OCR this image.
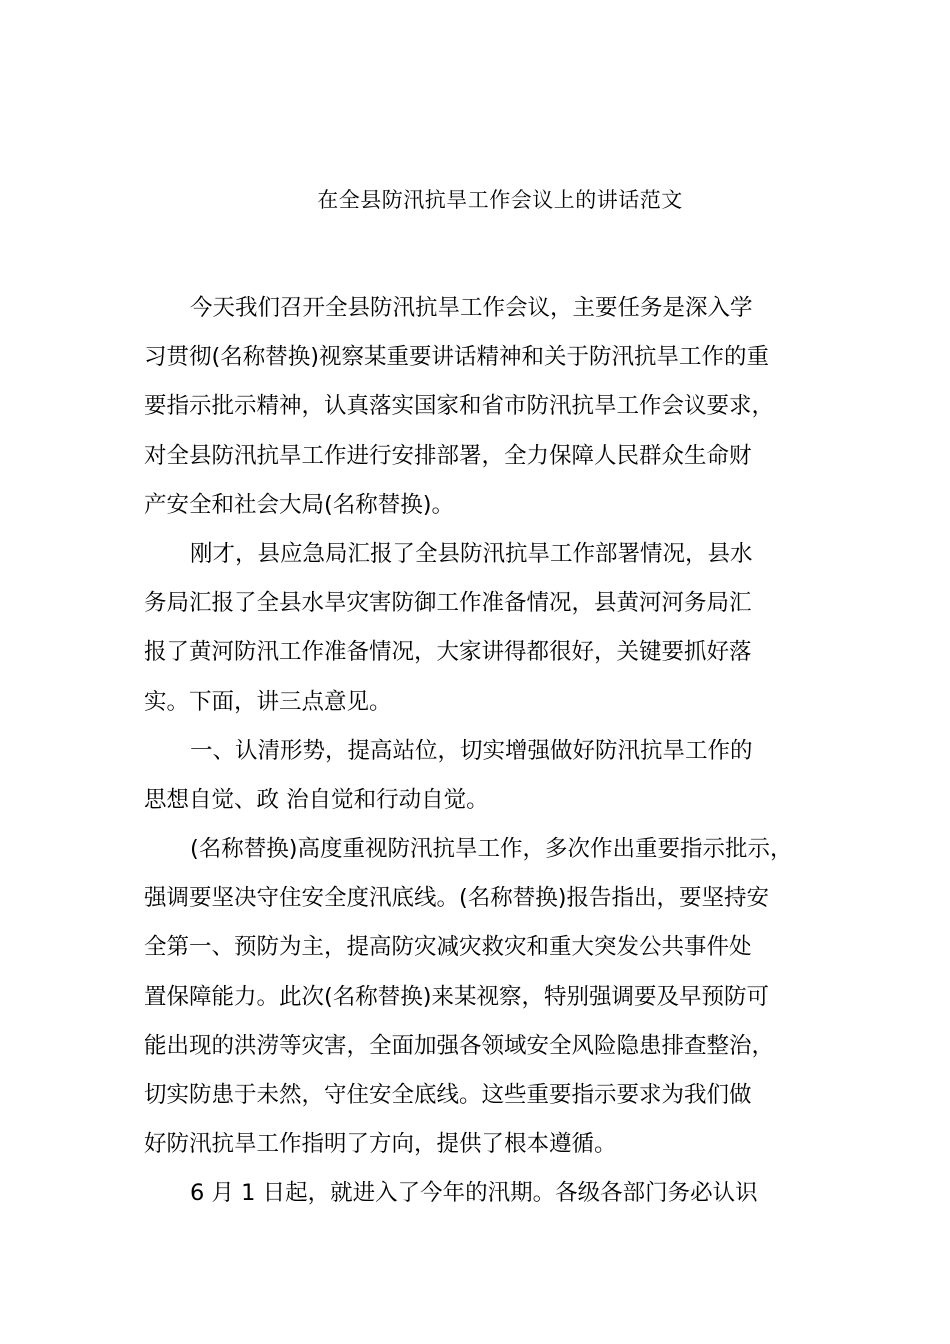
在全县防汛抗旱工作会议上的讲话范文
今天我们召开全县防汛抗旱工作会议，主要任务是深入学
习贯彻(名称替换)视察某重要讲话精神和关于防汛抗旱工作的重
要指示批示精神，认真落实国家和省市防汛抗旱工作会议要求，
对全县防汛抗旱工作进行安排部署，全力保障人民群众生命财
产安全和社会大局(名称替换)。
刚才，县应急局汇报了全县防汛抗旱工作部署情况，县水
务局汇报了全县水旱灾害防御工作准备情况，县黄河河务局汇
报了黄河防汛工作准备情况，大家讲得都很好，关键要抓好落
实。下面，讲三点意见。
一、认清形势，提高站位，切实增强做好防汛抗旱工作的
思想自觉、政 治自觉和行动自觉。
(名称替换)高度重视防汛抗旱工作，多次作出重要指示批示，
强调要坚决守住安全度汛底线。(名称替换)报告指出，要坚持安
全第一、预防为主，提高防灾减灾救灾和重大突发公共事件处
置保障能力。此次(名称替换)来某视察，特别强调要及早预防可
能出现的洪涝等灾害，全面加强各领域安全风险隐患排查整治，
切实防患于未然，守住安全底线。这些重要指示要求为我们做
好防汛抗旱工作指明了方向，提供了根本遵循。
6 月 1 日起，就进入了今年的汛期。各级各部门务必认识
